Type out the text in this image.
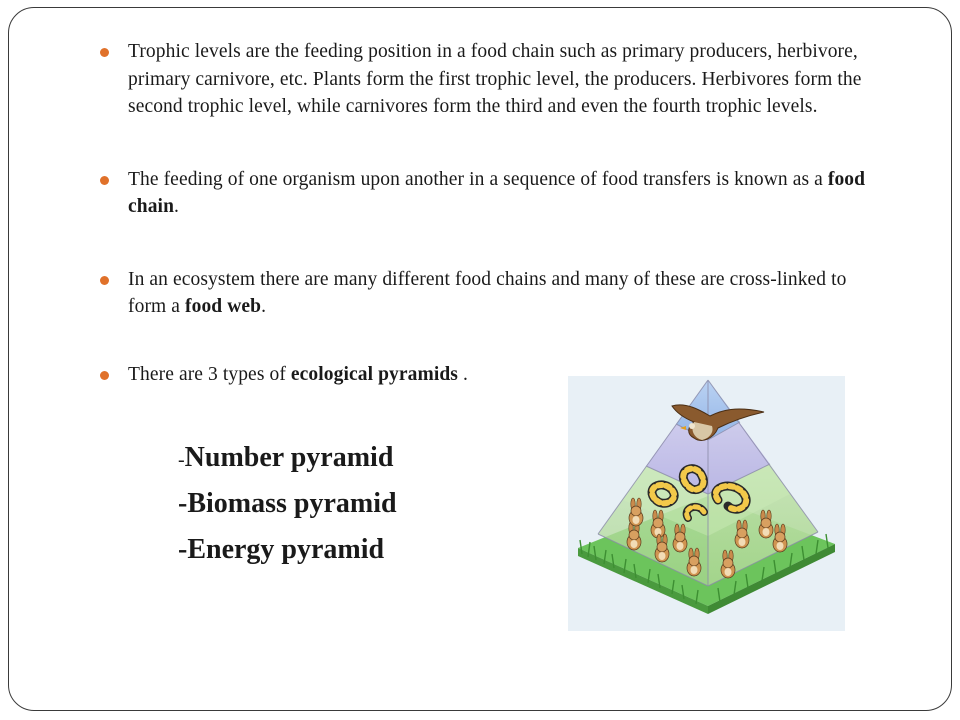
Trophic levels are the feeding position in a food chain such as primary producers, herbivore, primary carnivore, etc. Plants form the first trophic level, the producers. Herbivores form the second trophic level, while carnivores form the third and even the fourth trophic levels.
The feeding of one organism upon another in a sequence of food transfers is known as a food chain.
In an ecosystem there are many different food chains and many of these are cross-linked to form a food web.
There are 3 types of ecological pyramids .
-Number pyramid
-Biomass pyramid
-Energy pyramid
